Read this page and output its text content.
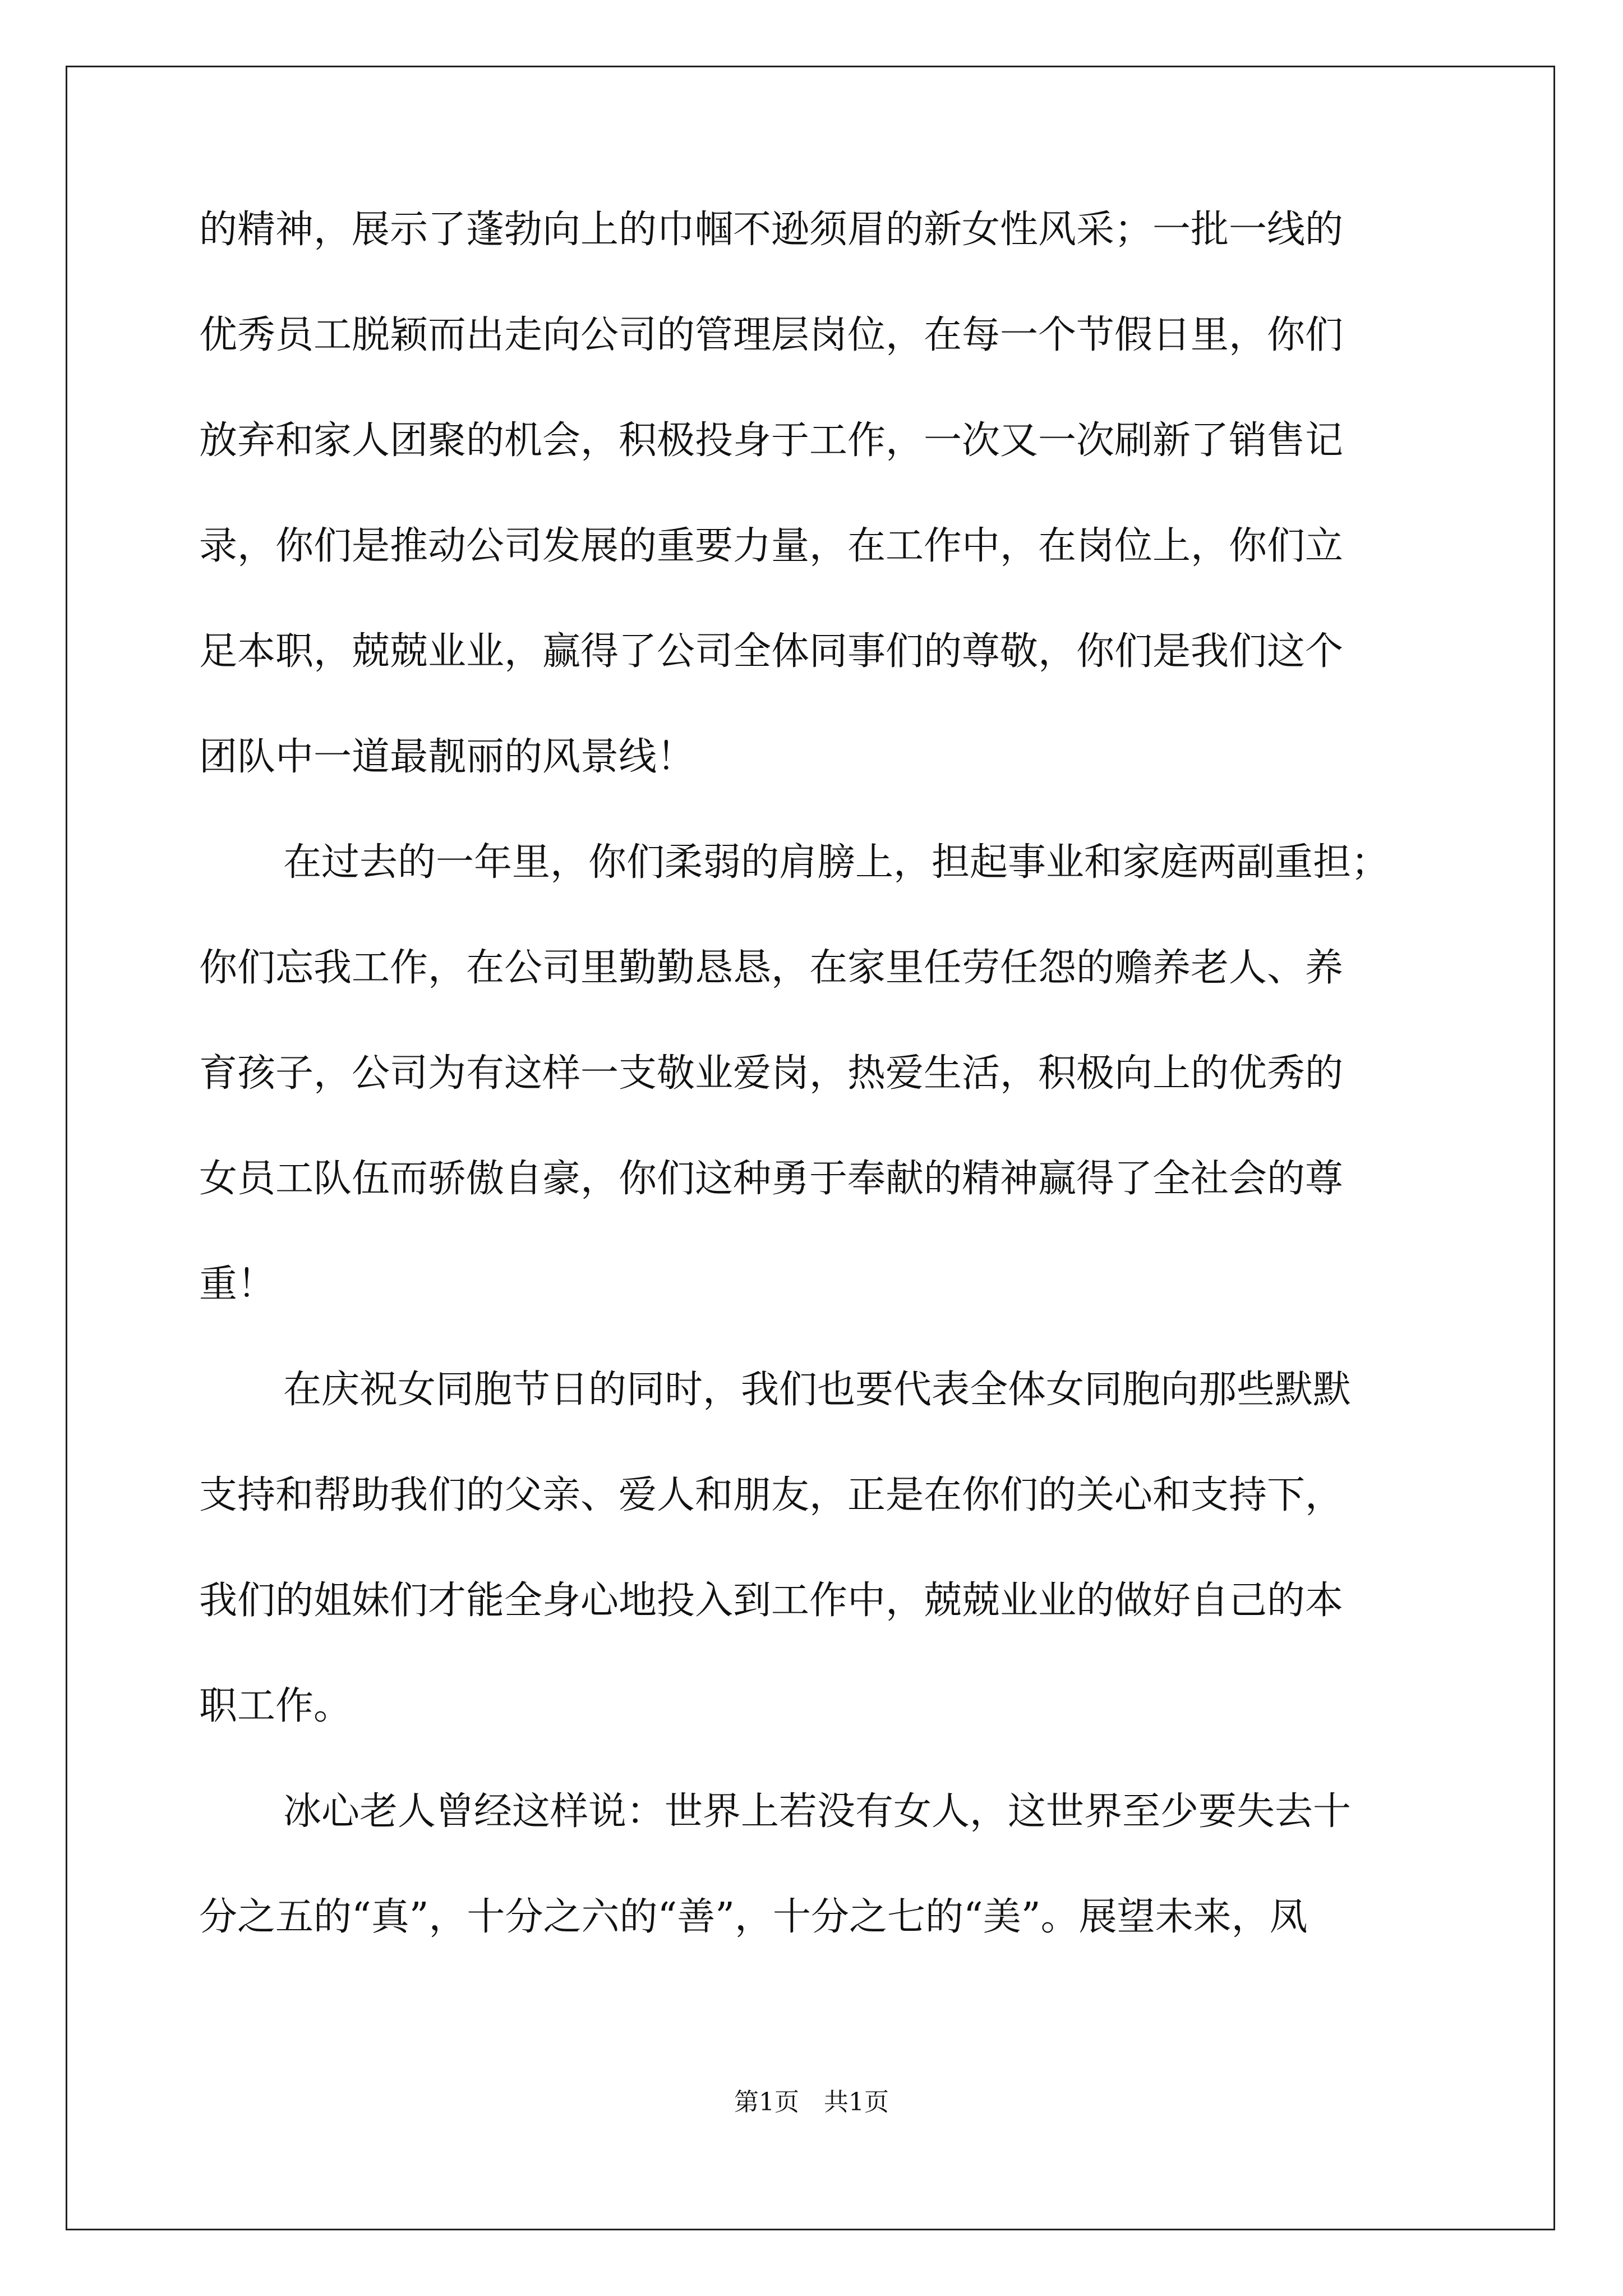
的精神，展示了蓬勃向上的巾帼不逊须眉的新女性风采；一批一线的
优秀员工脱颖而出走向公司的管理层岗位，在每一个节假日里，你们
放弃和家人团聚的机会，积极投身于工作，一次又一次刷新了销售记
录，你们是推动公司发展的重要力量，在工作中，在岗位上，你们立
足本职，兢兢业业，赢得了公司全体同事们的尊敬，你们是我们这个
团队中一道最靓丽的风景线！
在过去的一年里，你们柔弱的肩膀上，担起事业和家庭两副重担；
你们忘我工作，在公司里勤勤恳恳，在家里任劳任怨的赡养老人、养
育孩子，公司为有这样一支敬业爱岗，热爱生活，积极向上的优秀的
女员工队伍而骄傲自豪，你们这种勇于奉献的精神赢得了全社会的尊
重！
在庆祝女同胞节日的同时，我们也要代表全体女同胞向那些默默
支持和帮助我们的父亲、爱人和朋友，正是在你们的关心和支持下，
我们的姐妹们才能全身心地投入到工作中，兢兢业业的做好自己的本
职工作。
冰心老人曾经这样说：世界上若没有女人，这世界至少要失去十
分之五的“真”，十分之六的“善”，十分之七的“美”。展望未来，凤
第1页　共1页
